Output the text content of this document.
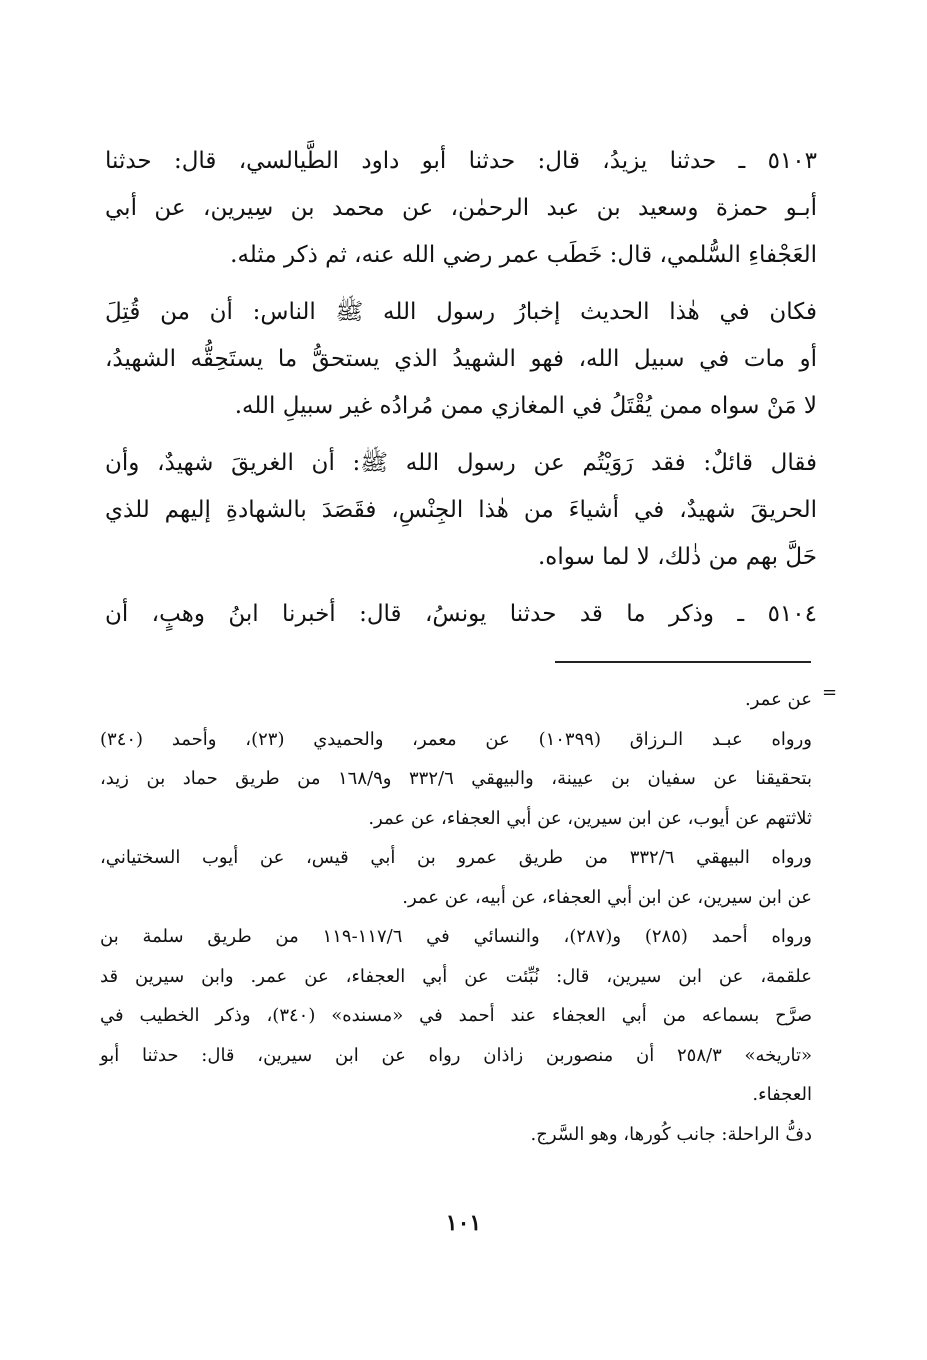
٥١٠٣ ـ حدثنا يزيدُ، قال: حدثنا أبو داود الطَّيالسي، قال: حدثنا
أبـو حمزة وسعيد بن عبد الرحمٰن، عن محمد بن سِيرين، عن أبي
العَجْفاءِ السُّلمي، قال: خَطَب عمر رضي الله عنه، ثم ذكر مثله.

فكان في هٰذا الحديث إخبارُ رسول الله ﷺ الناس: أن من قُتِلَ
أو مات في سبيل الله، فهو الشهيدُ الذي يستحقُّ ما يستَحِقُّه الشهيدُ،
لا مَنْ سواه ممن يُقْتَلُ في المغازي ممن مُرادُه غير سبيلِ الله.

فقال قائلٌ: فقد رَوَيْتُم عن رسول الله ﷺ: أن الغريقَ شهيدٌ، وأن
الحريقَ شهيدٌ، في أشياءَ من هٰذا الجِنْسِ، فقَصَدَ بالشهادةِ إليهم للذي
حَلَّ بهم من ذٰلك، لا لما سواه.

٥١٠٤ ـ وذكر ما قد حدثنا يونسُ، قال: أخبرنا ابنُ وهبٍ، أن

=

عن عمر.

ورواه عبـد الـرزاق (١٠٣٩٩) عن معمر، والحميدي (٢٣)، وأحمد (٣٤٠)
بتحقيقنا عن سفيان بن عيينة، والبيهقي ٣٣٢/٦ و١٦٨/٩ من طريق حماد بن زيد،
ثلاثتهم عن أيوب، عن ابن سيرين، عن أبي العجفاء، عن عمر.

ورواه البيهقي ٣٣٢/٦ من طريق عمرو بن أبي قيس، عن أيوب السختياني،
عن ابن سيرين، عن ابن أبي العجفاء، عن أبيه، عن عمر.

ورواه أحمد (٢٨٥) و(٢٨٧)، والنسائي في ١١٧/٦-١١٩ من طريق سلمة بن
علقمة، عن ابن سيرين، قال: نُبِّئت عن أبي العجفاء، عن عمر. وابن سيرين قد
صرَّح بسماعه من أبي العجفاء عند أحمد في «مسنده» (٣٤٠)، وذكر الخطيب في
«تاريخه» ٢٥٨/٣ أن منصوربن زاذان رواه عن ابن سيرين، قال: حدثنا أبو
العجفاء.

دفُّ الراحلة: جانب كُورها، وهو السَّرج.

١٠١
